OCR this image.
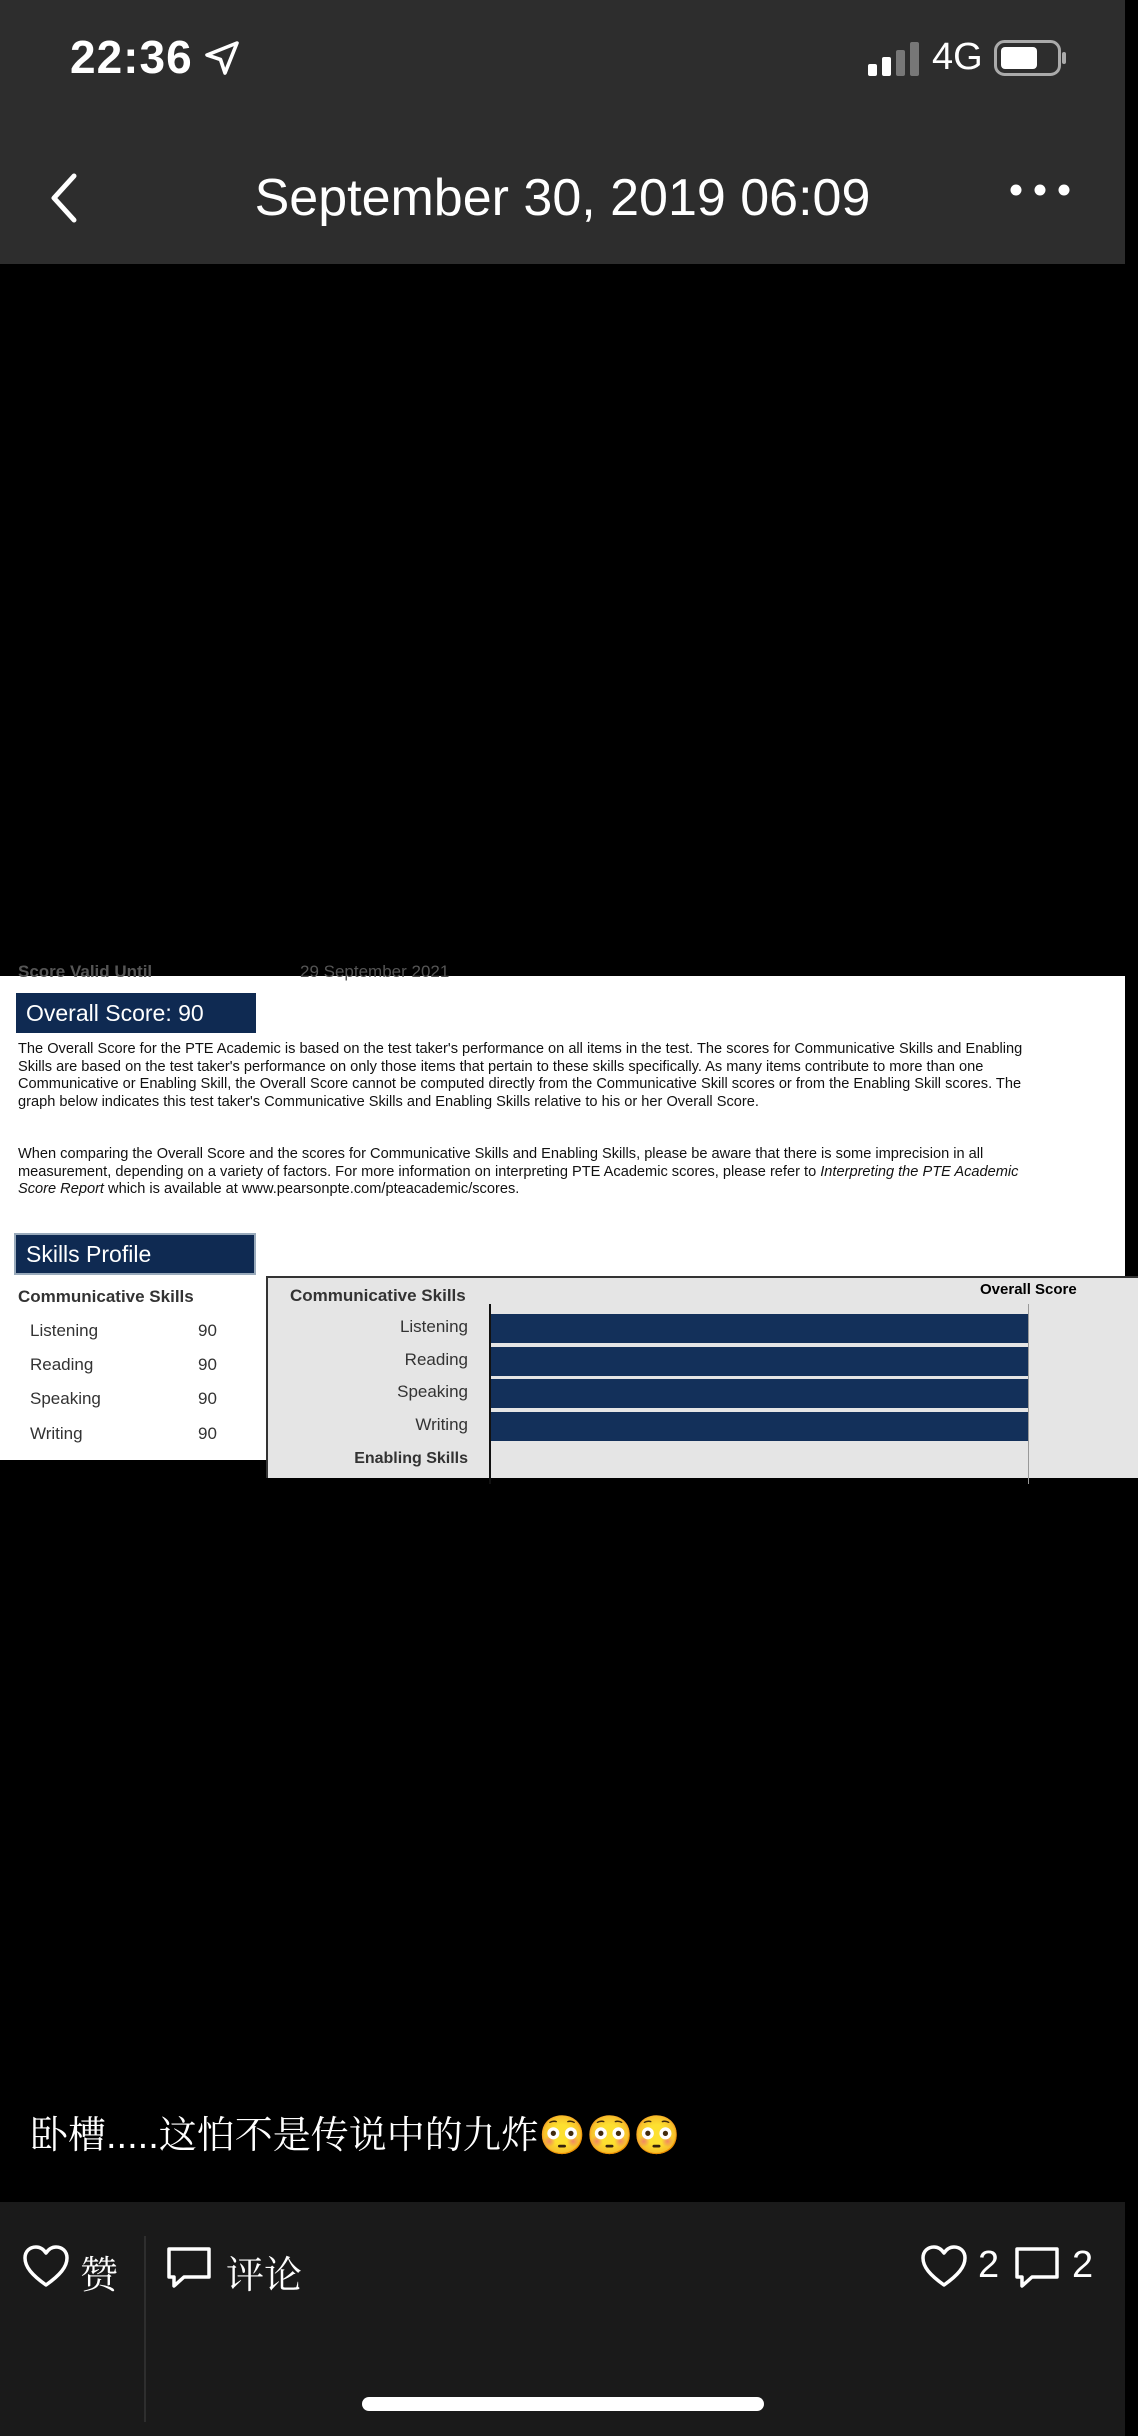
22:36	4G
September 30, 2019 06:09
Score Valid Until	29 September 2021
Overall Score: 90
The Overall Score for the PTE Academic is based on the test taker's performance on all items in the test. The scores for Communicative Skills and Enabling Skills are based on the test taker's performance on only those items that pertain to these skills specifically. As many items contribute to more than one Communicative or Enabling Skill, the Overall Score cannot be computed directly from the Communicative Skill scores or from the Enabling Skill scores. The graph below indicates this test taker's Communicative Skills and Enabling Skills relative to his or her Overall Score.
When comparing the Overall Score and the scores for Communicative Skills and Enabling Skills, please be aware that there is some imprecision in all measurement, depending on a variety of factors. For more information on interpreting PTE Academic scores, please refer to Interpreting the PTE Academic Score Report which is available at www.pearsonpte.com/pteacademic/scores.
Skills Profile
Communicative Skills
Listening	90
Reading	90
Speaking	90
Writing	90
Communicative Skills	Overall Score
Enabling Skills
Listening
Reading
Speaking
Writing
卧槽.....这怕不是传说中的九炸😳😳😳
赞	评论	2 2
